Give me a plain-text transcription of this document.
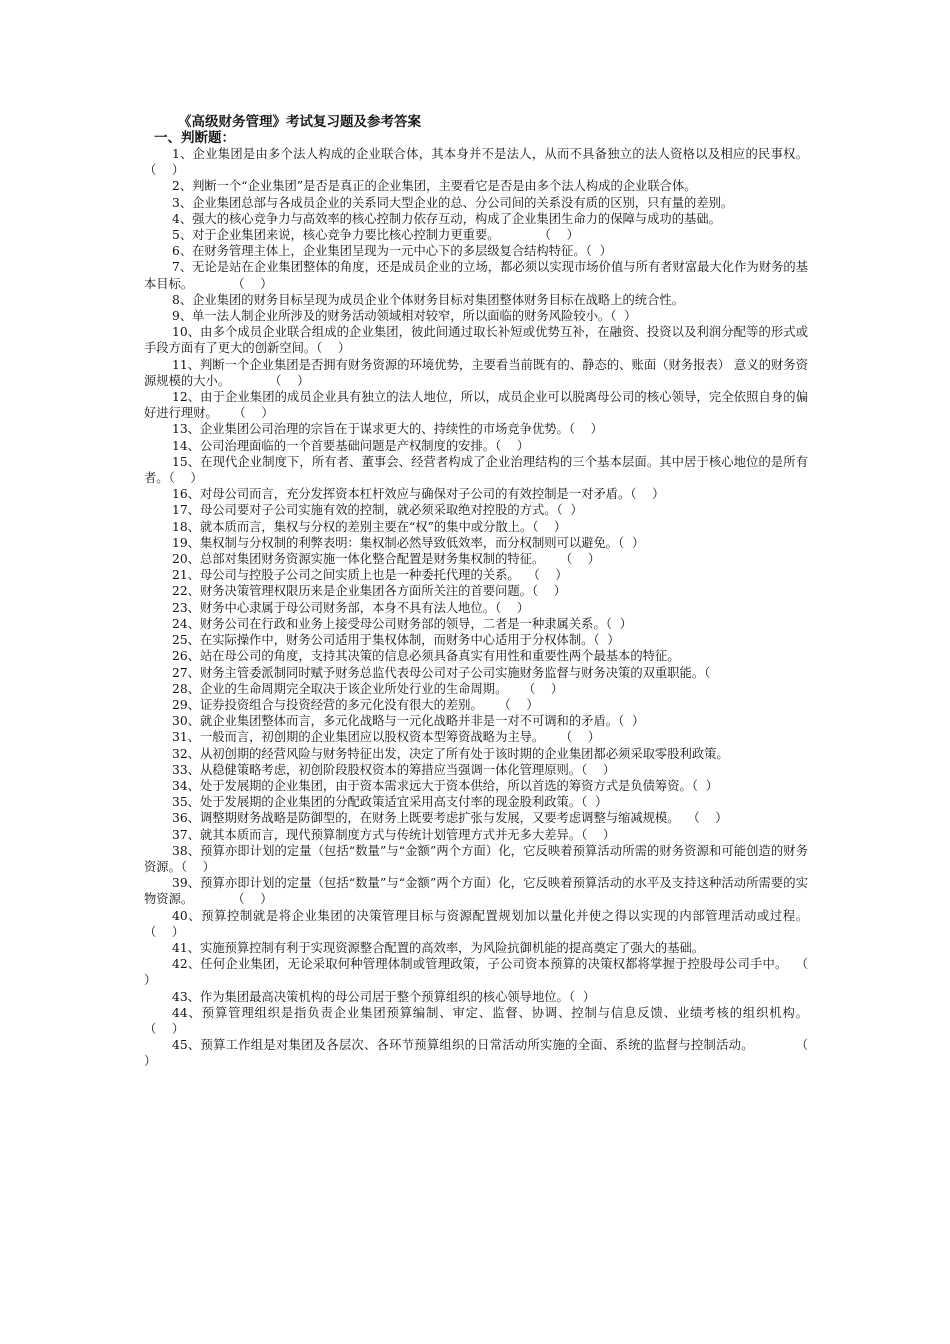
《高级财务管理》考试复习题及参考答案

一、判断题：

1、企业集团是由多个法人构成的企业联合体，其本身并不是法人，从而不具备独立的法人资格以及相应的民事权。          （    ）

2、判断一个“企业集团”是否是真正的企业集团，主要看它是否是由多个法人构成的企业联合体。

3、企业集团总部与各成员企业的关系同大型企业的总、分公司间的关系没有质的区别，只有量的差别。

4、强大的核心竞争力与高效率的核心控制力依存互动，构成了企业集团生命力的保障与成功的基础。

5、对于企业集团来说，核心竞争力要比核心控制力更重要。          （    ）

6、在财务管理主体上，企业集团呈现为一元中心下的多层级复合结构特征。（  ）

7、无论是站在企业集团整体的角度，还是成员企业的立场，都必须以实现市场价值与所有者财富最大化作为财务的基本目标。          （    ）

8、企业集团的财务目标呈现为成员企业个体财务目标对集团整体财务目标在战略上的统合性。

9、单一法人制企业所涉及的财务活动领域相对较窄，所以面临的财务风险较小。（  ）

10、由多个成员企业联合组成的企业集团，彼此间通过取长补短或优势互补，在融资、投资以及利润分配等的形式或手段方面有了更大的创新空间。（    ）

11、判断一个企业集团是否拥有财务资源的环境优势，主要看当前既有的、静态的、账面（财务报表） 意义的财务资源规模的大小。          （    ）

12、由于企业集团的成员企业具有独立的法人地位，所以，成员企业可以脱离母公司的核心领导，完全依照自身的偏好进行理财。    （    ）

13、企业集团公司治理的宗旨在于谋求更大的、持续性的市场竞争优势。（    ）

14、公司治理面临的一个首要基础问题是产权制度的安排。（    ）

15、在现代企业制度下，所有者、董事会、经营者构成了企业治理结构的三个基本层面。其中居于核心地位的是所有者。（    ）

16、对母公司而言，充分发挥资本杠杆效应与确保对子公司的有效控制是一对矛盾。（    ）

17、母公司要对子公司实施有效的控制，就必须采取绝对控股的方式。（  ）

18、就本质而言，集权与分权的差别主要在“权”的集中或分散上。（    ）

19、集权制与分权制的利弊表明：集权制必然导致低效率，而分权制则可以避免。（  ）

20、总部对集团财务资源实施一体化整合配置是财务集权制的特征。    （    ）

21、母公司与控股子公司之间实质上也是一种委托代理的关系。  （    ）

22、财务决策管理权限历来是企业集团各方面所关注的首要问题。（    ）

23、财务中心隶属于母公司财务部，本身不具有法人地位。（    ）

24、财务公司在行政和业务上接受母公司财务部的领导，二者是一种隶属关系。（  ）

25、在实际操作中，财务公司适用于集权体制，而财务中心适用于分权体制。（  ）

26、站在母公司的角度，支持其决策的信息必须具备真实有用性和重要性两个最基本的特征。

27、财务主管委派制同时赋予财务总监代表母公司对子公司实施财务监督与财务决策的双重职能。（

28、企业的生命周期完全取决于该企业所处行业的生命周期。    （    ）

29、证券投资组合与投资经营的多元化没有很大的差别。    （    ）

30、就企业集团整体而言，多元化战略与一元化战略并非是一对不可调和的矛盾。（  ）

31、一般而言，初创期的企业集团应以股权资本型筹资战略为主导。    （    ）

32、从初创期的经营风险与财务特征出发，决定了所有处于该时期的企业集团都必须采取零股利政策。

33、从稳健策略考虑，初创阶段股权资本的筹措应当强调一体化管理原则。（    ）

34、处于发展期的企业集团，由于资本需求远大于资本供给，所以首选的筹资方式是负债筹资。（  ）

35、处于发展期的企业集团的分配政策适宜采用高支付率的现金股利政策。（  ）

36、调整期财务战略是防御型的，在财务上既要考虑扩张与发展，又要考虑调整与缩减规模。  （    ）

37、就其本质而言，现代预算制度方式与传统计划管理方式并无多大差异。（    ）

38、预算亦即计划的定量（包括“数量”与“金额”两个方面）化，它反映着预算活动所需的财务资源和可能创造的财务资源。（    ）

39、预算亦即计划的定量（包括“数量”与“金额”两个方面）化，它反映着预算活动的水平及支持这种活动所需要的实物资源。          （    ）

40、预算控制就是将企业集团的决策管理目标与资源配置规划加以量化并使之得以实现的内部管理活动或过程。          （    ）

41、实施预算控制有利于实现资源整合配置的高效率，为风险抗御机能的提高奠定了强大的基础。

42、任何企业集团，无论采取何种管理体制或管理政策，子公司资本预算的决策权都将掌握于控股母公司手中。  （    ）

43、作为集团最高决策机构的母公司居于整个预算组织的核心领导地位。（  ）

44、预算管理组织是指负责企业集团预算编制、审定、监督、协调、控制与信息反馈、业绩考核的组织机构。          （    ）

45、预算工作组是对集团及各层次、各环节预算组织的日常活动所实施的全面、系统的监督与控制活动。          （    ）
